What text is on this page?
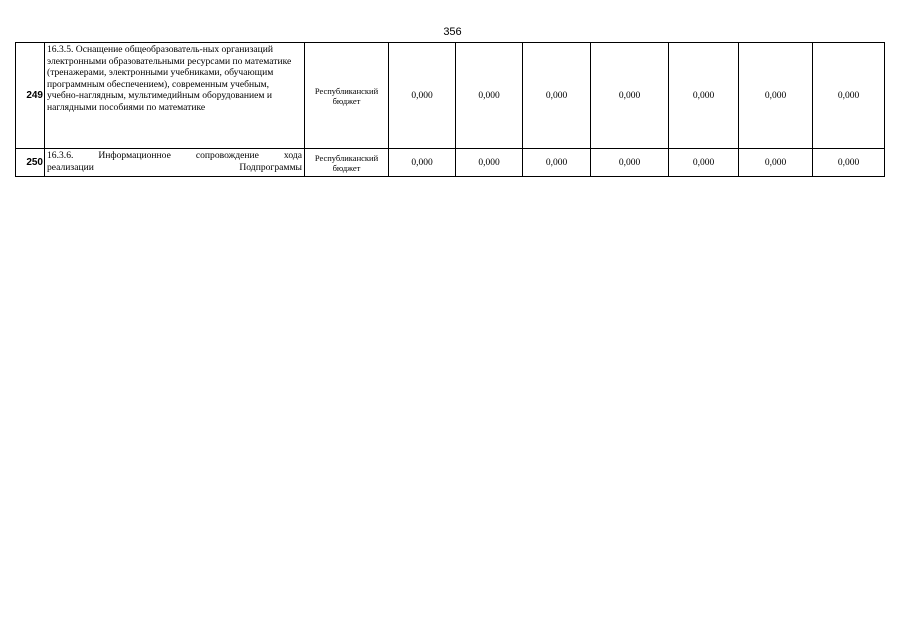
356
249	16.3.5. Оснащение общеобразователь-ных организаций электронными образовательными ресурсами по математике (тренажерами, электронными учебниками, обучающим программным обеспечением), современным учебным, учебно-наглядным, мультимедийным оборудованием и наглядными пособиями по математике	Республиканский бюджет	0,000	0,000	0,000	0,000	0,000	0,000	0,000
250	16.3.6. Информационное сопровождение хода
реализации Подпрограммы	Республиканский бюджет	0,000	0,000	0,000	0,000	0,000	0,000	0,000
